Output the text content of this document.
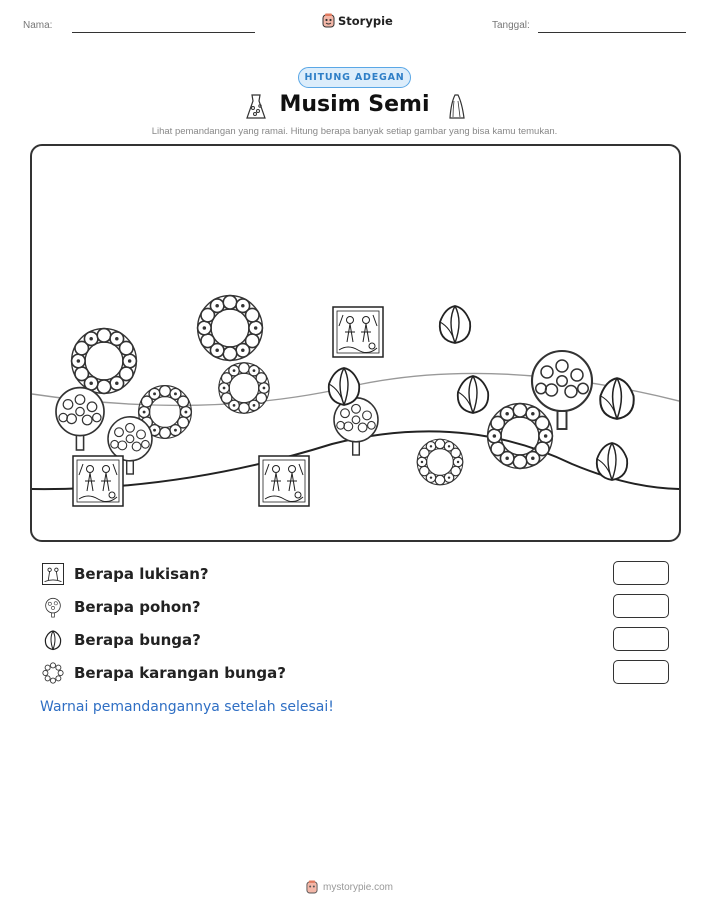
Nama:	Storypie	Tanggal:
HITUNG ADEGAN
Musim Semi
Lihat pemandangan yang ramai. Hitung berapa banyak setiap gambar yang bisa kamu temukan.
Berapa lukisan?
Berapa pohon?
Berapa bunga?
Berapa karangan bunga?
Warnai pemandangannya setelah selesai!
mystorypie.com
